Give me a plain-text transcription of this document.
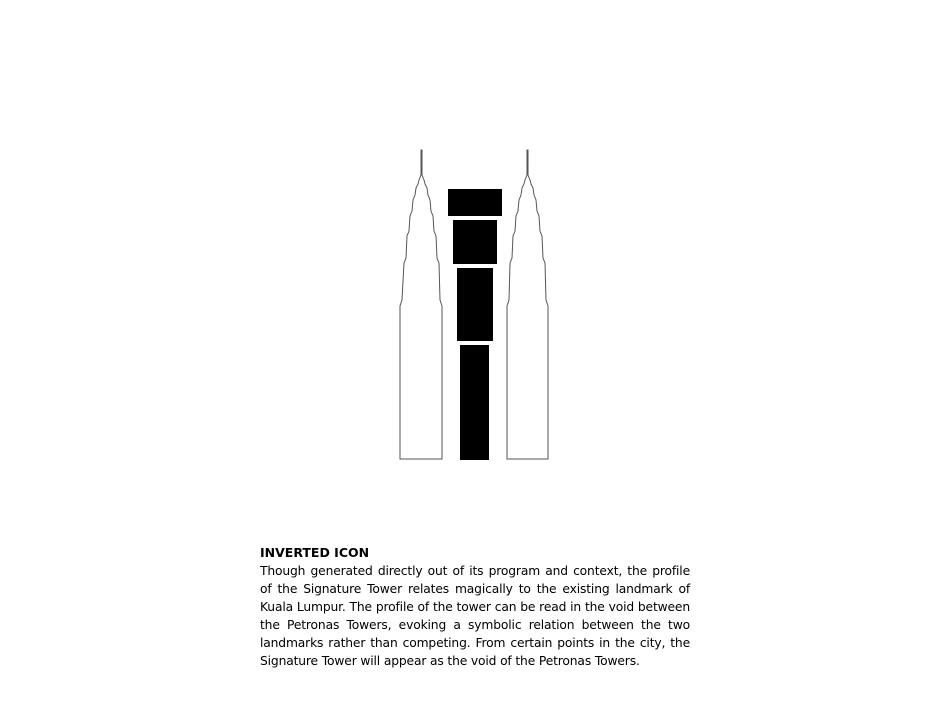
INVERTED ICON

Though generated directly out of its program and context, the profile of the Signature Tower relates magically to the existing landmark of Kuala Lumpur. The profile of the tower can be read in the void between the Petronas Towers, evoking a symbolic relation between the two landmarks rather than competing. From certain points in the city, the Signature Tower will appear as the void of the Petronas Towers.
